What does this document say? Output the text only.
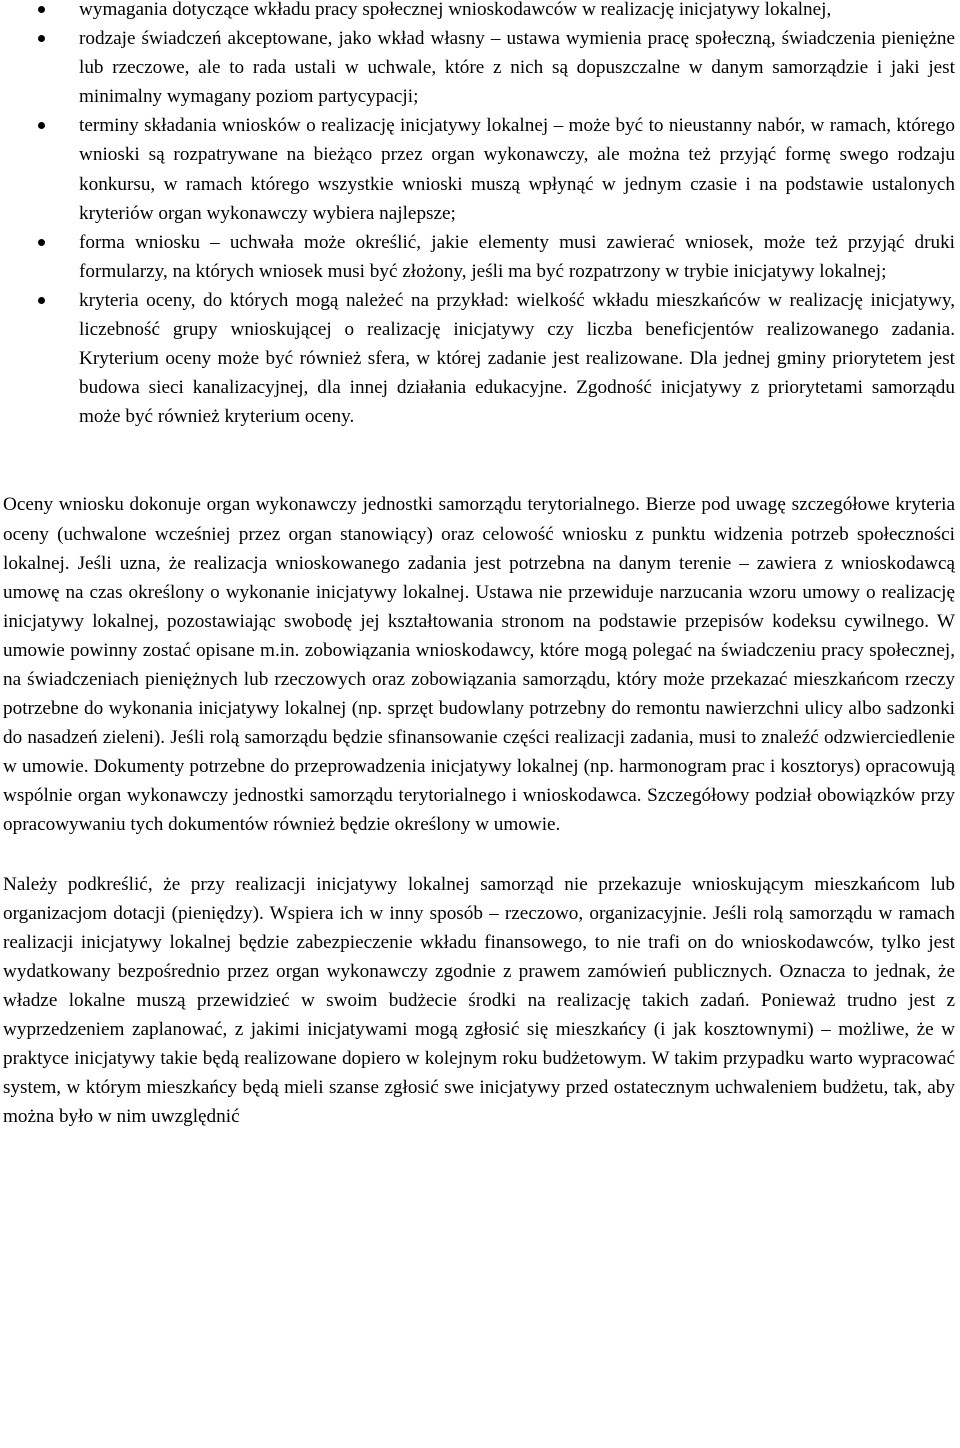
wymagania dotyczące wkładu pracy społecznej wnioskodawców w realizację inicjatywy lokalnej,
rodzaje świadczeń akceptowane, jako wkład własny – ustawa wymienia pracę społeczną, świadczenia pieniężne lub rzeczowe, ale to rada ustali w uchwale, które z nich są dopuszczalne w danym samorządzie i jaki jest minimalny wymagany poziom partycypacji;
terminy składania wniosków o realizację inicjatywy lokalnej – może być to nieustanny nabór, w ramach, którego wnioski są rozpatrywane na bieżąco przez organ wykonawczy, ale można też przyjąć formę swego rodzaju konkursu, w ramach którego wszystkie wnioski muszą wpłynąć w jednym czasie i na podstawie ustalonych kryteriów organ wykonawczy wybiera najlepsze;
forma wniosku – uchwała może określić, jakie elementy musi zawierać wniosek, może też przyjąć druki formularzy, na których wniosek musi być złożony, jeśli ma być rozpatrzony w trybie inicjatywy lokalnej;
kryteria oceny, do których mogą należeć na przykład: wielkość wkładu mieszkańców w realizację inicjatywy, liczebność grupy wnioskującej o realizację inicjatywy czy liczba beneficjentów realizowanego zadania. Kryterium oceny może być również sfera, w której zadanie jest realizowane. Dla jednej gminy priorytetem jest budowa sieci kanalizacyjnej, dla innej działania edukacyjne. Zgodność inicjatywy z priorytetami samorządu może być również kryterium oceny.

Oceny wniosku dokonuje organ wykonawczy jednostki samorządu terytorialnego. Bierze pod uwagę szczegółowe kryteria oceny (uchwalone wcześniej przez organ stanowiący) oraz celowość wniosku z punktu widzenia potrzeb społeczności lokalnej. Jeśli uzna, że realizacja wnioskowanego zadania jest potrzebna na danym terenie – zawiera z wnioskodawcą umowę na czas określony o wykonanie inicjatywy lokalnej. Ustawa nie przewiduje narzucania wzoru umowy o realizację inicjatywy lokalnej, pozostawiając swobodę jej kształtowania stronom na podstawie przepisów kodeksu cywilnego. W umowie powinny zostać opisane m.in. zobowiązania wnioskodawcy, które mogą polegać na świadczeniu pracy społecznej, na świadczeniach pieniężnych lub rzeczowych oraz zobowiązania samorządu, który może przekazać mieszkańcom rzeczy potrzebne do wykonania inicjatywy lokalnej (np. sprzęt budowlany potrzebny do remontu nawierzchni ulicy albo sadzonki do nasadzeń zieleni). Jeśli rolą samorządu będzie sfinansowanie części realizacji zadania, musi to znaleźć odzwierciedlenie w umowie. Dokumenty potrzebne do przeprowadzenia inicjatywy lokalnej (np. harmonogram prac i kosztorys) opracowują wspólnie organ wykonawczy jednostki samorządu terytorialnego i wnioskodawca. Szczegółowy podział obowiązków przy opracowywaniu tych dokumentów również będzie określony w umowie.

Należy podkreślić, że przy realizacji inicjatywy lokalnej samorząd nie przekazuje wnioskującym mieszkańcom lub organizacjom dotacji (pieniędzy). Wspiera ich w inny sposób – rzeczowo, organizacyjnie. Jeśli rolą samorządu w ramach realizacji inicjatywy lokalnej będzie zabezpieczenie wkładu finansowego, to nie trafi on do wnioskodawców, tylko jest wydatkowany bezpośrednio przez organ wykonawczy zgodnie z prawem zamówień publicznych. Oznacza to jednak, że władze lokalne muszą przewidzieć w swoim budżecie środki na realizację takich zadań. Ponieważ trudno jest z wyprzedzeniem zaplanować, z jakimi inicjatywami mogą zgłosić się mieszkańcy (i jak kosztownymi) – możliwe, że w praktyce inicjatywy takie będą realizowane dopiero w kolejnym roku budżetowym. W takim przypadku warto wypracować system, w którym mieszkańcy będą mieli szanse zgłosić swe inicjatywy przed ostatecznym uchwaleniem budżetu, tak, aby można było w nim uwzględnić
